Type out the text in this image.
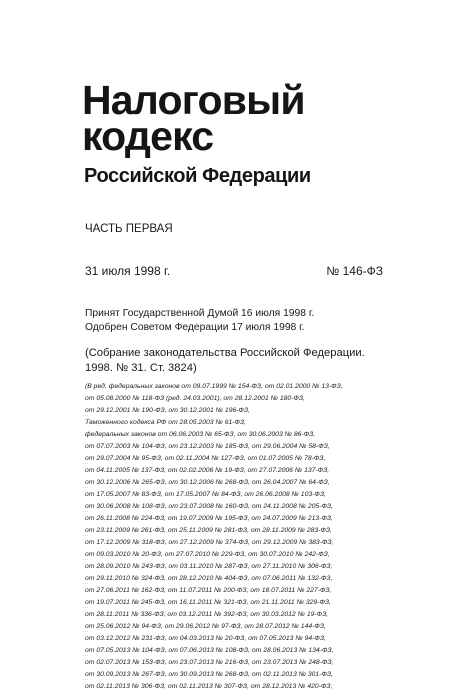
Налоговый
кодекс
Российской Федерации
ЧАСТЬ ПЕРВАЯ
31 июля 1998 г.	№ 146-ФЗ
Принят Государственной Думой 16 июля 1998 г.
Одобрен Советом Федерации 17 июля 1998 г.
(Собрание законодательства Российской Федерации.
1998. № 31. Ст. 3824)
(В ред. федеральных законов от 09.07.1999 № 154-ФЗ, от 02.01.2000 № 13-ФЗ,
от 05.08.2000 № 118-ФЗ (ред. 24.03.2001), от 28.12.2001 № 180-ФЗ,
от 29.12.2001 № 190-ФЗ, от 30.12.2001 № 196-ФЗ,
Таможенного кодекса РФ от 28.05.2003 № 61-ФЗ,
федеральных законов от 06.06.2003 № 65-ФЗ, от 30.06.2003 № 86-ФЗ,
от 07.07.2003 № 104-ФЗ, от 23.12.2003 № 185-ФЗ, от 29.06.2004 № 58-ФЗ,
от 29.07.2004 № 95-ФЗ, от 02.11.2004 № 127-ФЗ, от 01.07.2005 № 78-ФЗ,
от 04.11.2005 № 137-ФЗ, от 02.02.2006 № 19-ФЗ, от 27.07.2006 № 137-ФЗ,
от 30.12.2006 № 265-ФЗ, от 30.12.2006 № 268-ФЗ, от 26.04.2007 № 64-ФЗ,
от 17.05.2007 № 83-ФЗ, от 17.05.2007 № 84-ФЗ, от 26.06.2008 № 103-ФЗ,
от 30.06.2008 № 108-ФЗ, от 23.07.2008 № 160-ФЗ, от 24.11.2008 № 205-ФЗ,
от 26.11.2008 № 224-ФЗ, от 19.07.2009 № 195-ФЗ, от 24.07.2009 № 213-ФЗ,
от 23.11.2009 № 261-ФЗ, от 25.11.2009 № 281-ФЗ, от 28.11.2009 № 283-ФЗ,
от 17.12.2009 № 318-ФЗ, от 27.12.2009 № 374-ФЗ, от 29.12.2009 № 383-ФЗ,
от 09.03.2010 № 20-ФЗ, от 27.07.2010 № 229-ФЗ, от 30.07.2010 № 242-ФЗ,
от 28.09.2010 № 243-ФЗ, от 03.11.2010 № 287-ФЗ, от 27.11.2010 № 306-ФЗ,
от 29.11.2010 № 324-ФЗ, от 28.12.2010 № 404-ФЗ, от 07.06.2011 № 132-ФЗ,
от 27.06.2011 № 162-ФЗ, от 11.07.2011 № 200-ФЗ, от 18.07.2011 № 227-ФЗ,
от 19.07.2011 № 245-ФЗ, от 16.11.2011 № 321-ФЗ, от 21.11.2011 № 329-ФЗ,
от 28.11.2011 № 336-ФЗ, от 03.12.2011 № 392-ФЗ, от 30.03.2012 № 19-ФЗ,
от 25.06.2012 № 94-ФЗ, от 29.06.2012 № 97-ФЗ, от 28.07.2012 № 144-ФЗ,
от 03.12.2012 № 231-ФЗ, от 04.03.2013 № 20-ФЗ, от 07.05.2013 № 94-ФЗ,
от 07.05.2013 № 104-ФЗ, от 07.06.2013 № 108-ФЗ, от 28.06.2013 № 134-ФЗ,
от 02.07.2013 № 153-ФЗ, от 23.07.2013 № 216-ФЗ, от 23.07.2013 № 248-ФЗ,
от 30.09.2013 № 267-ФЗ, от 30.09.2013 № 268-ФЗ, от 02.11.2013 № 301-ФЗ,
от 02.11.2013 № 306-ФЗ, от 02.11.2013 № 307-ФЗ, от 28.12.2013 № 420-ФЗ,
